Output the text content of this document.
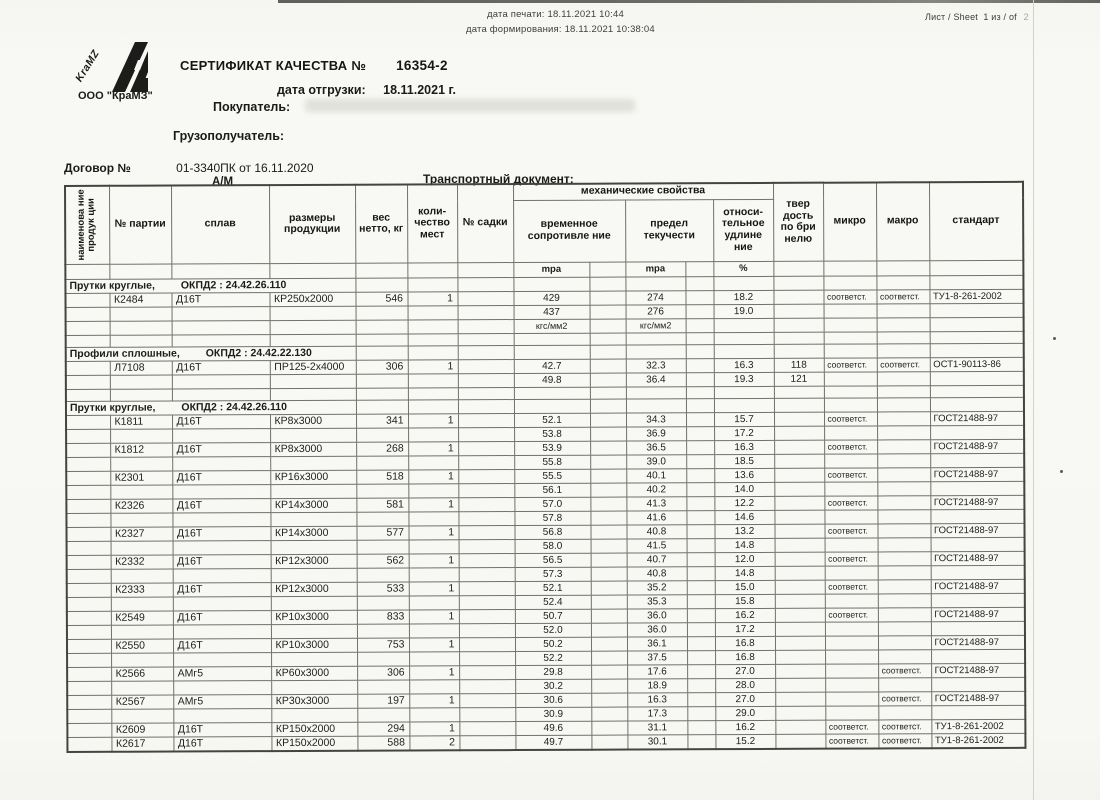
дата печати: 18.11.2021 10:44
дата формирования: 18.11.2021 10:38:04
Лист / Sheet 1 из / of 2
KraMZ
ООО "КраМЗ"
СЕРТИФИКАТ КАЧЕСТВА № 16354-2
дата отгрузки: 18.11.2021 г.
Покупатель:
Грузополучатель:
Договор №	01-3340ПК от 16.11.2020
А/М	Транспортный документ:
наименова ние продук ции	№ партии	сплав	размеры продукции	вес нетто, кг	коли- чество мест	№ садки	механические свойства					твер дость по бри нелю	микро	макро	стандарт
							временное сопротивле ние		предел текучести		относи- тельное удлине ние				
							mpa		mpa		%				
Прутки круглые, ОКПД2 : 24.42.26.110															
	К2484	Д16Т	КР250х2000	546	1		429		274		18.2		соответст.	соответст.	ТУ1-8-261-2002
							437		276		19.0				
							кгс/мм2		кгс/мм2						

Профили сплошные, ОКПД2 : 24.42.22.130															
	Л7108	Д16Т	ПР125-2х4000	306	1		42.7		32.3		16.3	118	соответст.	соответст.	ОСТ1-90113-86
							49.8		36.4		19.3	121			

Прутки круглые, ОКПД2 : 24.42.26.110															
	К1811	Д16Т	КР8х3000	341	1		52.1		34.3		15.7		соответст.		ГОСТ21488-97
							53.8		36.9		17.2				
	К1812	Д16Т	КР8х3000	268	1		53.9		36.5		16.3		соответст.		ГОСТ21488-97
							55.8		39.0		18.5				
	К2301	Д16Т	КР16х3000	518	1		55.5		40.1		13.6		соответст.		ГОСТ21488-97
							56.1		40.2		14.0				
	К2326	Д16Т	КР14х3000	581	1		57.0		41.3		12.2		соответст.		ГОСТ21488-97
							57.8		41.6		14.6				
	К2327	Д16Т	КР14х3000	577	1		56.8		40.8		13.2		соответст.		ГОСТ21488-97
							58.0		41.5		14.8				
	К2332	Д16Т	КР12х3000	562	1		56.5		40.7		12.0		соответст.		ГОСТ21488-97
							57.3		40.8		14.8				
	К2333	Д16Т	КР12х3000	533	1		52.1		35.2		15.0		соответст.		ГОСТ21488-97
							52.4		35.3		15.8				
	К2549	Д16Т	КР10х3000	833	1		50.7		36.0		16.2		соответст.		ГОСТ21488-97
							52.0		36.0		17.2				
	К2550	Д16Т	КР10х3000	753	1		50.2		36.1		16.8				ГОСТ21488-97
							52.2		37.5		16.8				
	К2566	АМг5	КР60х3000	306	1		29.8		17.6		27.0			соответст.	ГОСТ21488-97
							30.2		18.9		28.0				
	К2567	АМг5	КР30х3000	197	1		30.6		16.3		27.0			соответст.	ГОСТ21488-97
							30.9		17.3		29.0				
	К2609	Д16Т	КР150х2000	294	1		49.6		31.1		16.2		соответст.	соответст.	ТУ1-8-261-2002
	К2617	Д16Т	КР150х2000	588	2		49.7		30.1		15.2		соответст.	соответст.	ТУ1-8-261-2002
